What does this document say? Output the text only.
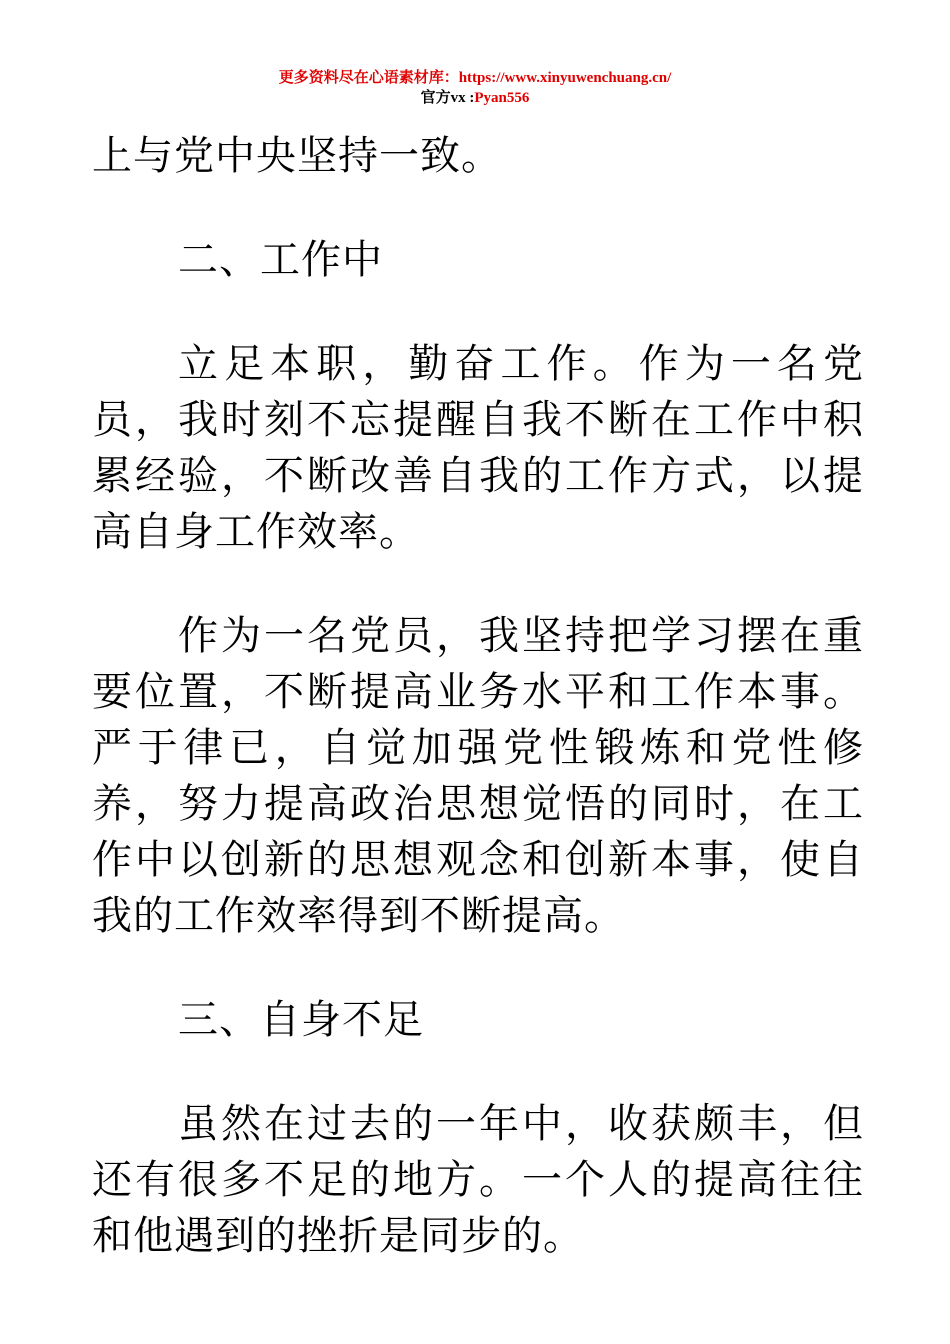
更多资料尽在心语素材库：https://www.xinyuwenchuang.cn/
官方vx :Pyan556

上与党中央坚持一致。

二、工作中

立足本职，勤奋工作。作为一名党员，我时刻不忘提醒自我不断在工作中积累经验，不断改善自我的工作方式，以提高自身工作效率。

作为一名党员，我坚持把学习摆在重要位置，不断提高业务水平和工作本事。严于律已，自觉加强党性锻炼和党性修养，努力提高政治思想觉悟的同时，在工作中以创新的思想观念和创新本事，使自我的工作效率得到不断提高。

三、自身不足

虽然在过去的一年中，收获颇丰，但还有很多不足的地方。一个人的提高往往和他遇到的挫折是同步的。
